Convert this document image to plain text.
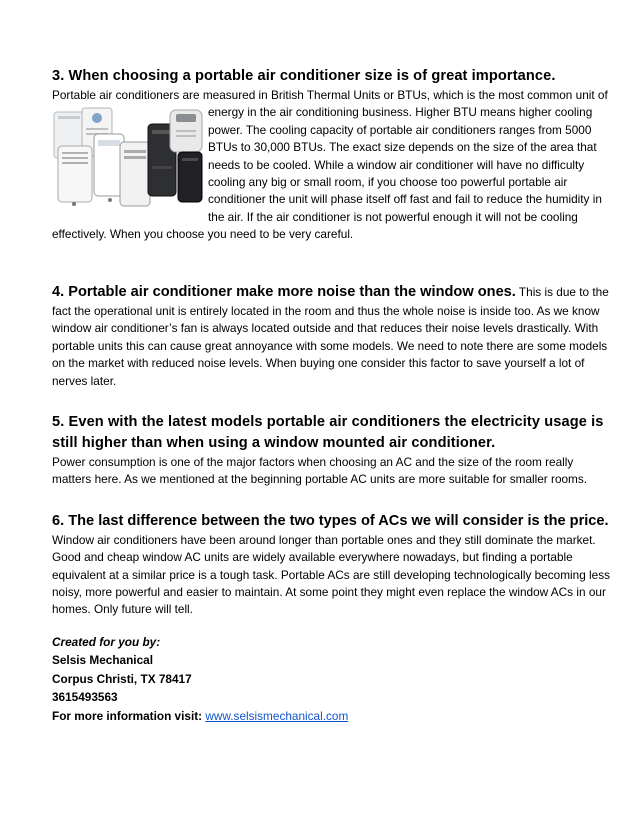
3. When choosing a portable air conditioner size is of great importance.

Portable air conditioners are measured in British Thermal Units or BTUs, which is the most
common unit of energy in the air conditioning business. Higher BTU means higher cooling power. The cooling capacity of portable air conditioners ranges from 5000 BTUs to 30,000 BTUs. The exact size depends on the size of the area that needs to be cooled. While a window air conditioner will have no difficulty cooling any big or small room, if you choose too powerful portable air conditioner the unit will phase itself off fast and fail to reduce the humidity in the air. If the air conditioner is not powerful enough it will not be cooling effectively. When you choose you need to be very careful.

4. Portable air conditioner make more noise than the window ones. This is due to the fact the operational unit is entirely located in the room and thus the whole noise is inside too. As we know window air conditioner’s fan is always located outside and that reduces their noise levels drastically. With portable units this can cause great annoyance with some models. We need to note there are some models on the market with reduced noise levels. When buying one consider this factor to save yourself a lot of nerves later.

5. Even with the latest models portable air conditioners the electricity usage is still higher than when using a window mounted air conditioner.

Power consumption is one of the major factors when choosing an AC and the size of the room really matters here. As we mentioned at the beginning portable AC units are more suitable for smaller rooms.

6. The last difference between the two types of ACs we will consider is the price. Window air conditioners have been around longer than portable ones and they still dominate the market. Good and cheap window AC units are widely available everywhere nowadays, but finding a portable equivalent at a similar price is a tough task. Portable ACs are still developing technologically becoming less noisy, more powerful and easier to maintain. At some point they might even replace the window ACs in our homes. Only future will tell.

Created for you by:
Selsis Mechanical
Corpus Christi, TX 78417
3615493563
For more information visit: www.selsismechanical.com
